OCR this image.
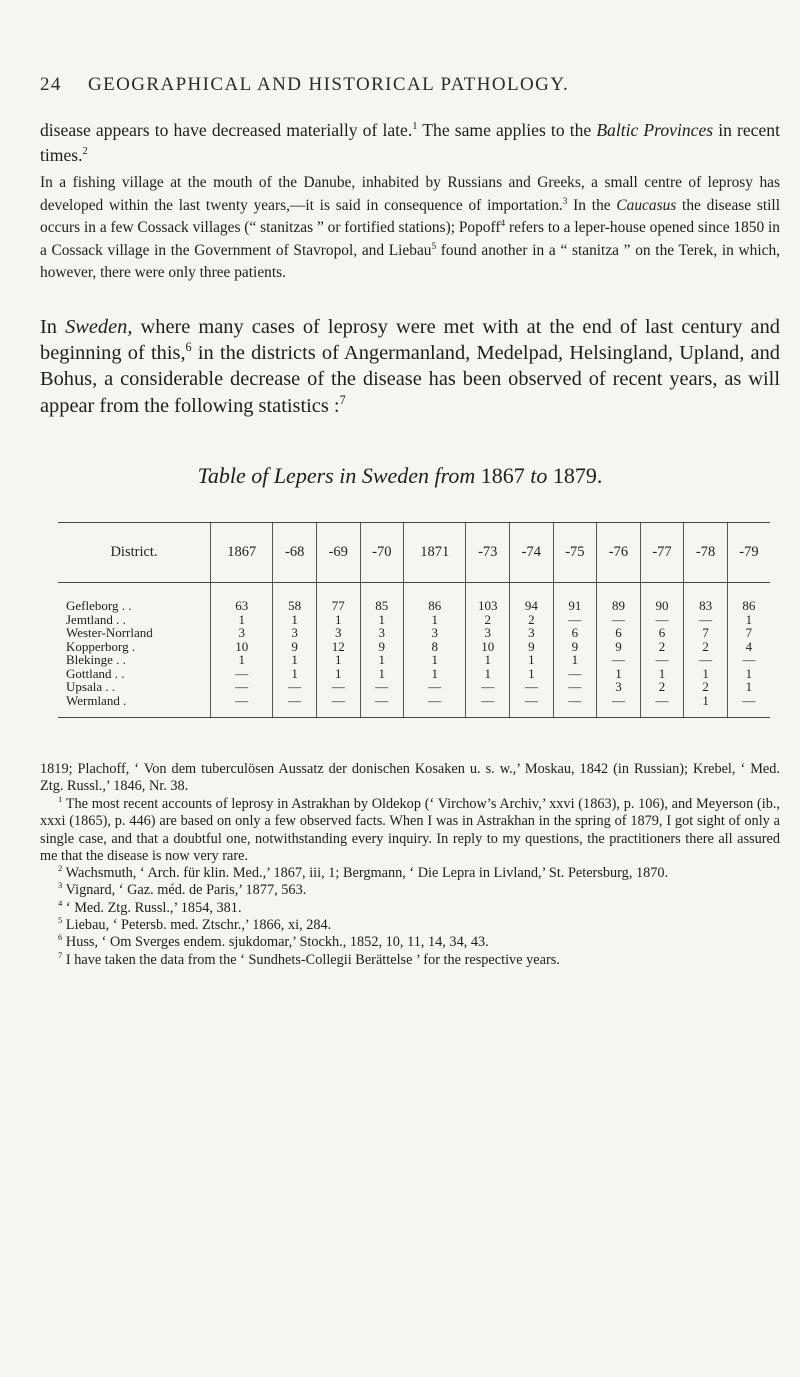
24 GEOGRAPHICAL AND HISTORICAL PATHOLOGY.
disease appears to have decreased materially of late.$^1$ The same applies to the Baltic Provinces in recent times.$^2$
In a fishing village at the mouth of the Danube, inhabited by Russians and Greeks, a small centre of leprosy has developed within the last twenty years,—it is said in consequence of importation.$^3$ In the Caucasus the disease still occurs in a few Cossack villages (“ stanitzas ” or fortified stations); Popoff$^4$ refers to a leper-house opened since 1850 in a Cossack village in the Government of Stavropol, and Liebau$^5$ found another in a “ stanitza ” on the Terek, in which, however, there were only three patients.
In Sweden, where many cases of leprosy were met with at the end of last century and beginning of this,$^6$ in the districts of Angermanland, Medelpad, Helsingland, Upland, and Bohus, a considerable decrease of the disease has been observed of recent years, as will appear from the following statistics :$^7$
Table of Lepers in Sweden from 1867 to 1879.
District.	1867	-68	-69	-70	1871	-73	-74	-75	-76	-77	-78	-79
Gefleborg . .	63	58	77	85	86	103	94	91	89	90	83	86
Jemtland . .	1	1	1	1	1	2	2	—	—	—	—	1
Wester-Norrland	3	3	3	3	3	3	3	6	6	6	7	7
Kopperborg .	10	9	12	9	8	10	9	9	9	2	2	4
Blekinge . .	1	1	1	1	1	1	1	1	—	—	—	—
Gottland . .	—	1	1	1	1	1	1	—	1	1	1	1
Upsala . .	—	—	—	—	—	—	—	—	3	2	2	1
Wermland .	—	—	—	—	—	—	—	—	—	—	1	—
1819; Plachoff, ‘ Von dem tuberculösen Aussatz der donischen Kosaken u. s. w.,’ Moskau, 1842 (in Russian); Krebel, ‘ Med. Ztg. Russl.,’ 1846, Nr. 38.

$^1$ The most recent accounts of leprosy in Astrakhan by Oldekop (‘ Virchow’s Archiv,’ xxvi (1863), p. 106), and Meyerson (ib., xxxi (1865), p. 446) are based on only a few observed facts. When I was in Astrakhan in the spring of 1879, I got sight of only a single case, and that a doubtful one, notwithstanding every inquiry. In reply to my questions, the practitioners there all assured me that the disease is now very rare.

$^2$ Wachsmuth, ‘ Arch. für klin. Med.,’ 1867, iii, 1; Bergmann, ‘ Die Lepra in Livland,’ St. Petersburg, 1870.

$^3$ Vignard, ‘ Gaz. méd. de Paris,’ 1877, 563.

$^4$ ‘ Med. Ztg. Russl.,’ 1854, 381.

$^5$ Liebau, ‘ Petersb. med. Ztschr.,’ 1866, xi, 284.

$^6$ Huss, ‘ Om Sverges endem. sjukdomar,’ Stockh., 1852, 10, 11, 14, 34, 43.

$^7$ I have taken the data from the ‘ Sundhets-Collegii Berättelse ’ for the respective years.
